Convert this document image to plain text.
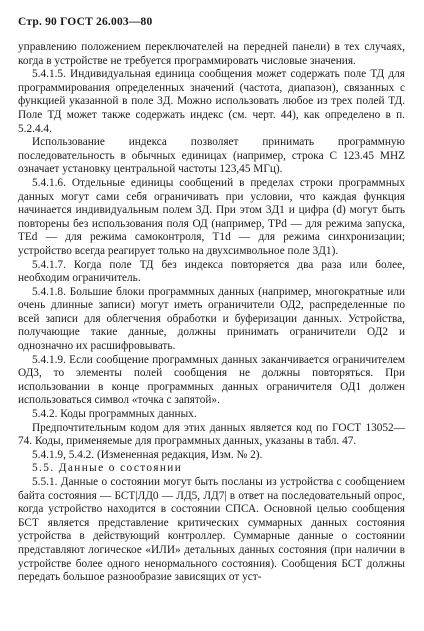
Стр. 90 ГОСТ 26.003—80

управлению положением переключателей на передней панели) в тех случаях, когда в устройстве не требуется программировать числовые значения.

5.4.1.5. Индивидуальная единица сообщения может содержать поле ТД для программирования определенных значений (частота, диапазон), связанных с функцией указанной в поле 3Д. Можно использовать любое из трех полей ТД. Поле ТД может также содержать индекс (см. черт. 44), как определено в п. 5.2.4.4.

Использование индекса позволяет принимать программную последовательность в обычных единицах (например, строка С 123.45 MHZ означает установку центральной частоты 123,45 МГц).

5.4.1.6. Отдельные единицы сообщений в пределах строки программных данных могут сами себя ограничивать при условии, что каждая функция начинается индивидуальным полем 3Д. При этом 3Д1 и цифра (d) могут быть повторены без использования поля ОД (например, TPd — для режима запуска, TEd — для режима самоконтроля, T1d — для режима синхронизации; устройство всегда реагирует только на двухсимвольное поле 3Д1).

5.4.1.7. Когда поле ТД без индекса повторяется два раза или более, необходим ограничитель.

5.4.1.8. Большие блоки программных данных (например, многократные или очень длинные записи) могут иметь ограничители ОД2, распределенные по всей записи для облегчения обработки и буферизации данных. Устройства, получающие такие данные, должны принимать ограничители ОД2 и однозначно их расшифровывать.

5.4.1.9. Если сообщение программных данных заканчивается ограничителем ОД3, то элементы полей сообщения не должны повторяться. При использовании в конце программных данных ограничителя ОД1 должен использоваться символ «точка с запятой».

5.4.2. Коды программных данных.

Предпочтительным кодом для этих данных является код по ГОСТ 13052—74. Коды, применяемые для программных данных, указаны в табл. 47.

5.4.1.9, 5.4.2. (Измененная редакция, Изм. № 2).

5.5. Данные о состоянии

5.5.1. Данные о состоянии могут быть посланы из устройства с сообщением байта состояния — БСТ|ЛД0 — ЛД5, ЛД7| в ответ на последовательный опрос, когда устройство находится в состоянии СПСА. Основной целью сообщения БСТ является представление критических суммарных данных состояния устройства в действующий контроллер. Суммарные данные о состоянии представляют логическое «ИЛИ» детальных данных состояния (при наличии в устройстве более одного ненормального состояния). Сообщения БСТ должны передать большое разнообразие зависящих от уст-
